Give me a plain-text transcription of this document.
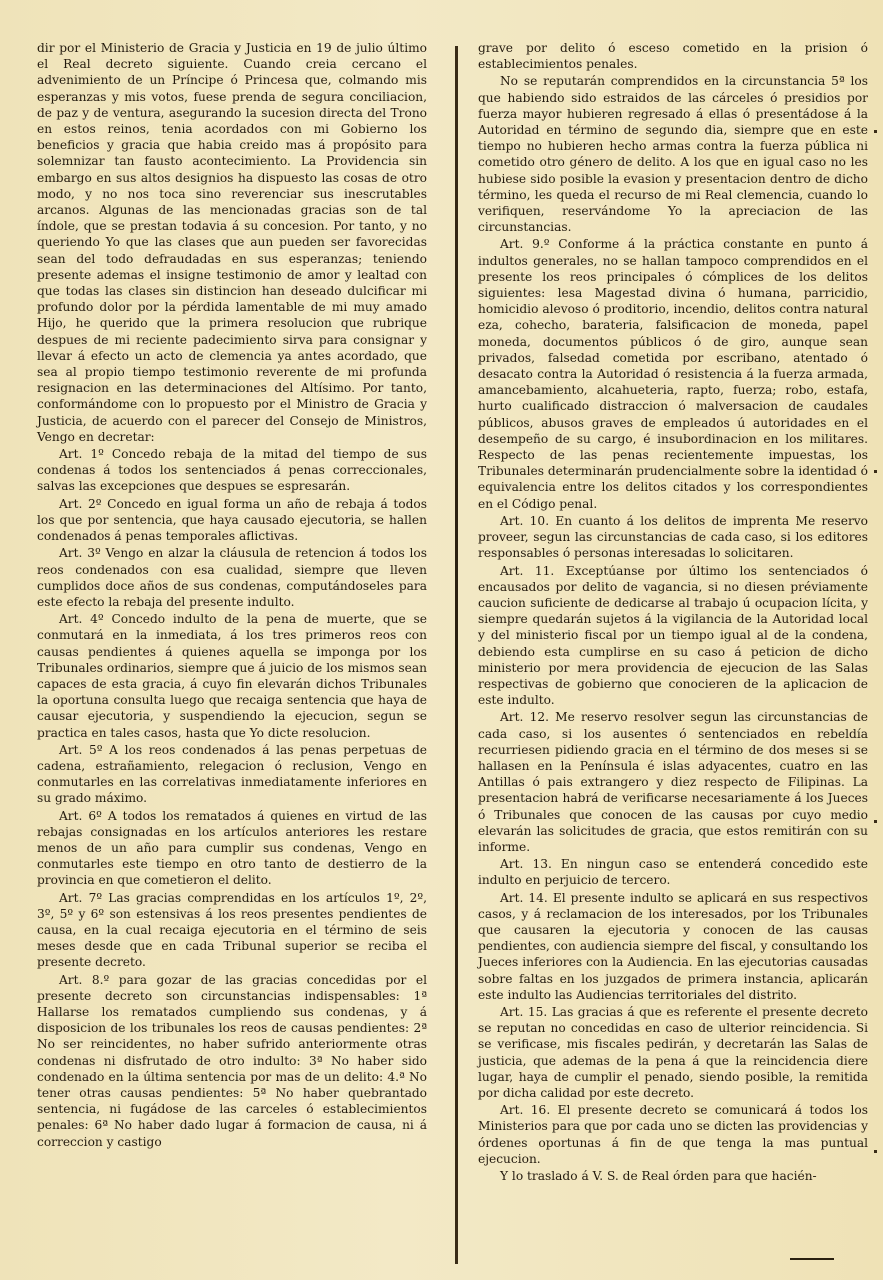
dir por el Ministerio de Gracia y Justicia en 19 de julio último el Real decreto siguiente. Cuando creia cercano el advenimiento de un Príncipe ó Princesa que, colmando mis esperanzas y mis votos, fuese prenda de segura conciliacion, de paz y de ventura, asegurando la sucesion directa del Trono en estos reinos, tenia acordados con mi Gobierno los beneficios y gracia que habia creido mas á propósito para solemnizar tan fausto acontecimiento. La Providencia sin embargo en sus altos designios ha dispuesto las cosas de otro modo, y no nos toca sino reverenciar sus inescrutables arcanos. Algunas de las mencionadas gracias son de tal índole, que se prestan todavia á su concesion. Por tanto, y no queriendo Yo que las clases que aun pueden ser favorecidas sean del todo defraudadas en sus esperanzas; teniendo presente ademas el insigne testimonio de amor y lealtad con que todas las clases sin distincion han deseado dulcificar mi profundo dolor por la pérdida lamentable de mi muy amado Hijo, he querido que la primera resolucion que rubrique despues de mi reciente padecimiento sirva para consignar y llevar á efecto un acto de clemencia ya antes acordado, que sea al propio tiempo testimonio reverente de mi profunda resignacion en las determinaciones del Altísimo. Por tanto, conformándome con lo propuesto por el Ministro de Gracia y Justicia, de acuerdo con el parecer del Consejo de Ministros, Vengo en decretar:

Art. 1º Concedo rebaja de la mitad del tiempo de sus condenas á todos los sentenciados á penas correccionales, salvas las excepciones que despues se espresarán.

Art. 2º Concedo en igual forma un año de rebaja á todos los que por sentencia, que haya causado ejecutoria, se hallen condenados á penas temporales aflictivas.

Art. 3º Vengo en alzar la cláusula de retencion á todos los reos condenados con esa cualidad, siempre que lleven cumplidos doce años de sus condenas, computándoseles para este efecto la rebaja del presente indulto.

Art. 4º Concedo indulto de la pena de muerte, que se conmutará en la inmediata, á los tres primeros reos con causas pendientes á quienes aquella se imponga por los Tribunales ordinarios, siempre que á juicio de los mismos sean capaces de esta gracia, á cuyo fin elevarán dichos Tribunales la oportuna consulta luego que recaiga sentencia que haya de causar ejecutoria, y suspendiendo la ejecucion, segun se practica en tales casos, hasta que Yo dicte resolucion.

Art. 5º A los reos condenados á las penas perpetuas de cadena, estrañamiento, relegacion ó reclusion, Vengo en conmutarles en las correlativas inmediatamente inferiores en su grado máximo.

Art. 6º A todos los rematados á quienes en virtud de las rebajas consignadas en los artículos anteriores les restare menos de un año para cumplir sus condenas, Vengo en conmutarles este tiempo en otro tanto de destierro de la provincia en que cometieron el delito.

Art. 7º Las gracias comprendidas en los artículos 1º, 2º, 3º, 5º y 6º son estensivas á los reos presentes pendientes de causa, en la cual recaiga ejecutoria en el término de seis meses desde que en cada Tribunal superior se reciba el presente decreto.

Art. 8.º para gozar de las gracias concedidas por el presente decreto son circunstancias indispensables: 1ª Hallarse los rematados cumpliendo sus condenas, y á disposicion de los tribunales los reos de causas pendientes: 2ª No ser reincidentes, no haber sufrido anteriormente otras condenas ni disfrutado de otro indulto: 3ª No haber sido condenado en la última sentencia por mas de un delito: 4.ª No tener otras causas pendientes: 5ª No haber quebrantado sentencia, ni fugádose de las carceles ó establecimientos penales: 6ª No haber dado lugar á formacion de causa, ni á correccion y castigo

grave por delito ó esceso cometido en la prision ó establecimientos penales.

No se reputarán comprendidos en la circunstancia 5ª los que habiendo sido estraidos de las cárceles ó presidios por fuerza mayor hubieren regresado á ellas ó presentádose á la Autoridad en término de segundo dia, siempre que en este tiempo no hubieren hecho armas contra la fuerza pública ni cometido otro género de delito. A los que en igual caso no les hubiese sido posible la evasion y presentacion dentro de dicho término, les queda el recurso de mi Real clemencia, cuando lo verifiquen, reservándome Yo la apreciacion de las circunstancias.

Art. 9.º Conforme á la práctica constante en punto á indultos generales, no se hallan tampoco comprendidos en el presente los reos principales ó cómplices de los delitos siguientes: lesa Magestad divina ó humana, parricidio, homicidio alevoso ó proditorio, incendio, delitos contra natural eza, cohecho, barateria, falsificacion de moneda, papel moneda, documentos públicos ó de giro, aunque sean privados, falsedad cometida por escribano, atentado ó desacato contra la Autoridad ó resistencia á la fuerza armada, amancebamiento, alcahueteria, rapto, fuerza; robo, estafa, hurto cualificado distraccion ó malversacion de caudales públicos, abusos graves de empleados ú autoridades en el desempeño de su cargo, é insubordinacion en los militares. Respecto de las penas recientemente impuestas, los Tribunales determinarán prudencialmente sobre la identidad ó equivalencia entre los delitos citados y los correspondientes en el Código penal.

Art. 10. En cuanto á los delitos de imprenta Me reservo proveer, segun las circunstancias de cada caso, si los editores responsables ó personas interesadas lo solicitaren.

Art. 11. Exceptúanse por último los sentenciados ó encausados por delito de vagancia, si no diesen préviamente caucion suficiente de dedicarse al trabajo ú ocupacion lícita, y siempre quedarán sujetos á la vigilancia de la Autoridad local y del ministerio fiscal por un tiempo igual al de la condena, debiendo esta cumplirse en su caso á peticion de dicho ministerio por mera providencia de ejecucion de las Salas respectivas de gobierno que conocieren de la aplicacion de este indulto.

Art. 12. Me reservo resolver segun las circunstancias de cada caso, si los ausentes ó sentenciados en rebeldía recurriesen pidiendo gracia en el término de dos meses si se hallasen en la Península é islas adyacentes, cuatro en las Antillas ó pais extrangero y diez respecto de Filipinas. La presentacion habrá de verificarse necesariamente á los Jueces ó Tribunales que conocen de las causas por cuyo medio elevarán las solicitudes de gracia, que estos remitirán con su informe.

Art. 13. En ningun caso se entenderá concedido este indulto en perjuicio de tercero.

Art. 14. El presente indulto se aplicará en sus respectivos casos, y á reclamacion de los interesados, por los Tribunales que causaren la ejecutoria y conocen de las causas pendientes, con audiencia siempre del fiscal, y consultando los Jueces inferiores con la Audiencia. En las ejecutorias causadas sobre faltas en los juzgados de primera instancia, aplicarán este indulto las Audiencias territoriales del distrito.

Art. 15. Las gracias á que es referente el presente decreto se reputan no concedidas en caso de ulterior reincidencia. Si se verificase, mis fiscales pedirán, y decretarán las Salas de justicia, que ademas de la pena á que la reincidencia diere lugar, haya de cumplir el penado, siendo posible, la remitida por dicha calidad por este decreto.

Art. 16. El presente decreto se comunicará á todos los Ministerios para que por cada uno se dicten las providencias y órdenes oportunas á fin de que tenga la mas puntual ejecucion.

Y lo traslado á V. S. de Real órden para que hacién-
